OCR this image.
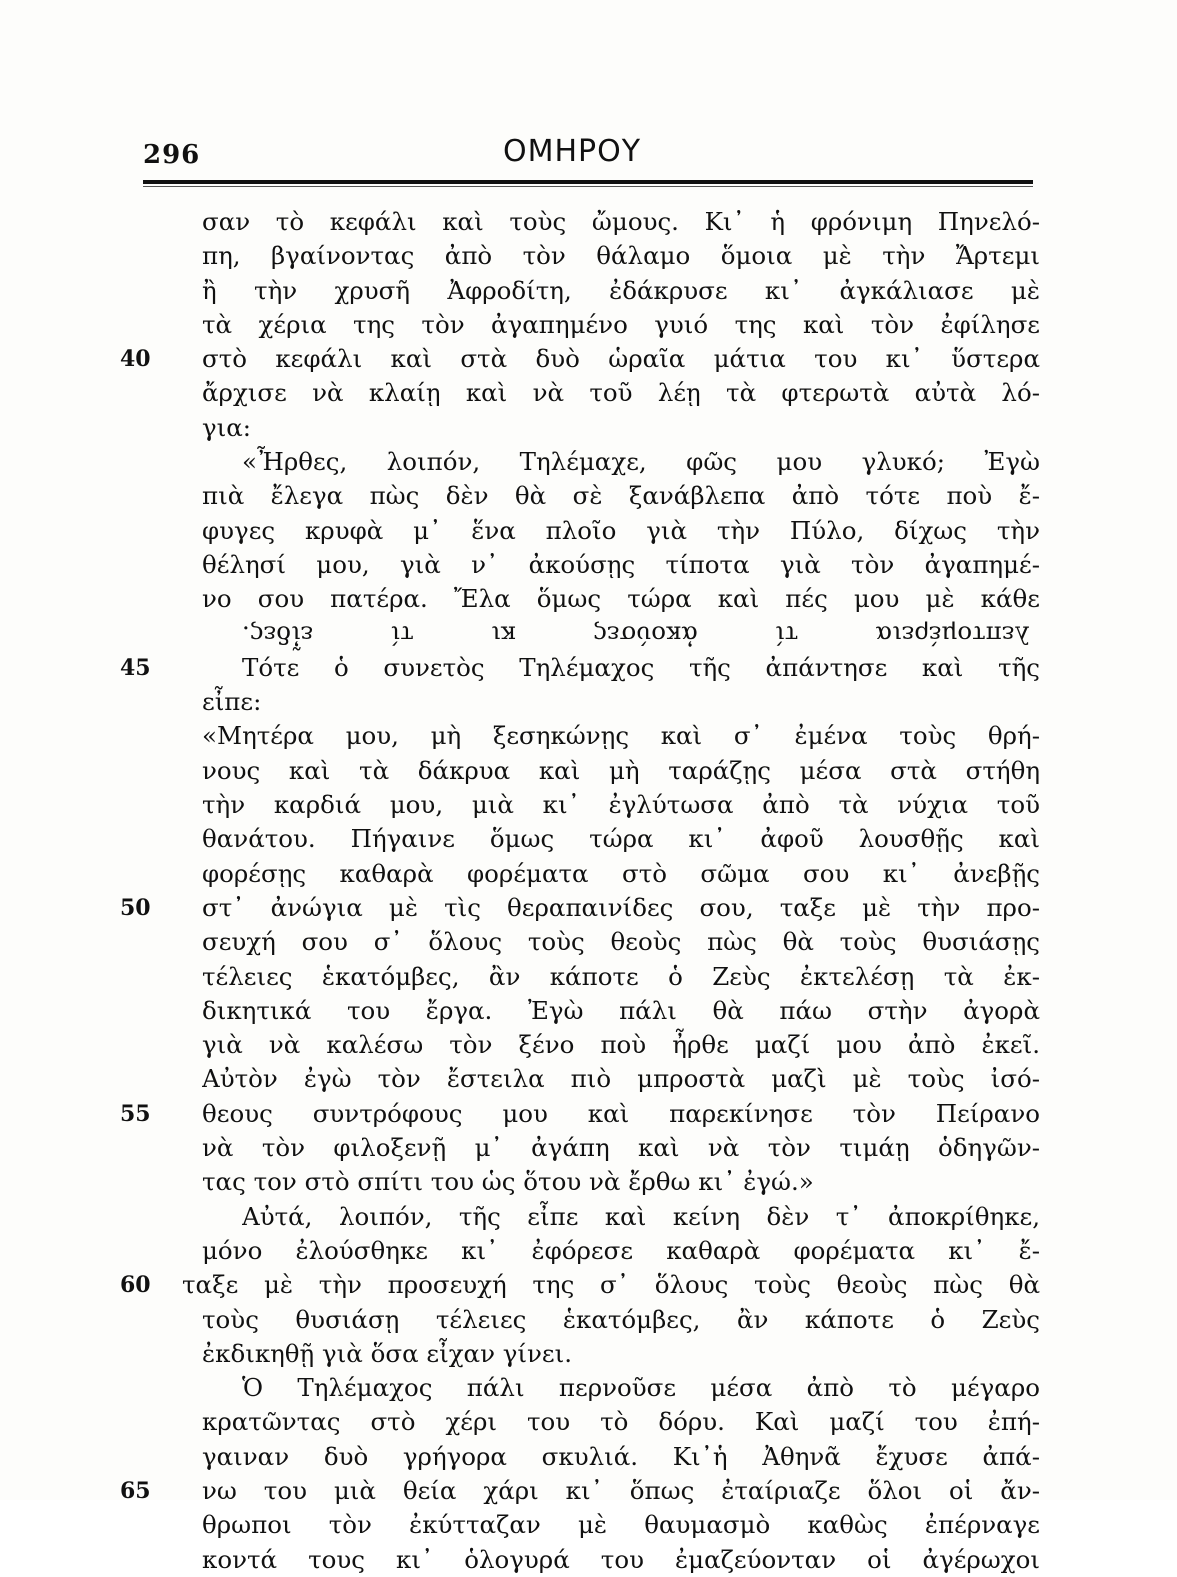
296	ΟΜΗΡΟΥ
σαν τὸ κεφάλι καὶ τοὺς ὤμους. Κι᾽ ἡ φρόνιμη Πηνελό-
πη, βγαίνοντας ἀπὸ τὸν θάλαμο ὅμοια μὲ τὴν Ἄρτεμι
ἢ τὴν χρυσῆ Ἀφροδίτη, ἐδάκρυσε κι᾽ ἀγκάλιασε μὲ
τὰ χέρια της τὸν ἀγαπημένο γυιό της καὶ τὸν ἐφίλησε
40	στὸ κεφάλι καὶ στὰ δυὸ ὡραῖα μάτια του κι᾽ ὕστερα
ἄρχισε νὰ κλαίῃ καὶ νὰ τοῦ λέῃ τὰ φτερωτὰ αὐτὰ λό-
για:
«Ἦρθες, λοιπόν, Τηλέμαχε, φῶς μου γλυκό; Ἐγὼ
πιὰ ἔλεγα πὼς δὲν θὰ σὲ ξανάβλεπα ἀπὸ τότε ποὺ ἔ-
φυγες κρυφὰ μ᾽ ἕνα πλοῖο γιὰ τὴν Πύλο, δίχως τὴν
θέλησί μου, γιὰ ν᾽ ἀκούσῃς τίποτα γιὰ τὸν ἀγαπημέ-
νο σου πατέρα. Ἔλα ὅμως τώρα καὶ πές μου μὲ κάθε
λεπτομέρεια τί ἀκούσες κι τί εἶδες.
45	Τότε ὁ συνετὸς Τηλέμαχος τῆς ἀπάντησε καὶ τῆς
εἶπε:
«Μητέρα μου, μὴ ξεσηκώνῃς καὶ σ᾽ ἐμένα τοὺς θρή-
νους καὶ τὰ δάκρυα καὶ μὴ ταράζῃς μέσα στὰ στήθη
τὴν καρδιά μου, μιὰ κι᾽ ἐγλύτωσα ἀπὸ τὰ νύχια τοῦ
θανάτου. Πήγαινε ὅμως τώρα κι᾽ ἀφοῦ λουσθῇς καὶ
φορέσῃς καθαρὰ φορέματα στὸ σῶμα σου κι᾽ ἀνεβῇς
50	στ᾽ ἀνώγια μὲ τὶς θεραπαινίδες σου, ταξε μὲ τὴν προ-
σευχή σου σ᾽ ὅλους τοὺς θεοὺς πὼς θὰ τοὺς θυσιάσῃς
τέλειες ἑκατόμβες, ἂν κάποτε ὁ Ζεὺς ἐκτελέσῃ τὰ ἐκ-
δικητικά του ἔργα. Ἐγὼ πάλι θὰ πάω στὴν ἀγορὰ
γιὰ νὰ καλέσω τὸν ξένο ποὺ ἦρθε μαζί μου ἀπὸ ἐκεῖ.
Αὐτὸν ἐγὼ τὸν ἔστειλα πιὸ μπροστὰ μαζὶ μὲ τοὺς ἰσό-
55	θεους συντρόφους μου καὶ παρεκίνησε τὸν Πείρανο
νὰ τὸν φιλοξενῇ μ᾽ ἀγάπη καὶ νὰ τὸν τιμάῃ ὁδηγῶν-
τας τον στὸ σπίτι του ὡς ὅτου νὰ ἔρθω κι᾽ ἐγώ.»
Αὐτά, λοιπόν, τῆς εἶπε καὶ κείνη δὲν τ᾽ ἀποκρίθηκε,
μόνο ἐλούσθηκε κι᾽ ἐφόρεσε καθαρὰ φορέματα κι᾽ ἔ-
60	ταξε μὲ τὴν προσευχή της σ᾽ ὅλους τοὺς θεοὺς πὼς θὰ
τοὺς θυσιάσῃ τέλειες ἑκατόμβες, ἂν κάποτε ὁ Ζεὺς
ἐκδικηθῇ γιὰ ὅσα εἶχαν γίνει.
Ὁ Τηλέμαχος πάλι περνοῦσε μέσα ἀπὸ τὸ μέγαρο
κρατῶντας στὸ χέρι του τὸ δόρυ. Καὶ μαζί του ἐπή-
γαιναν δυὸ γρήγορα σκυλιά. Κι᾽ἡ Ἀθηνᾶ ἔχυσε ἀπά-
65	νω του μιὰ θεία χάρι κι᾽ ὅπως ἐταίριαζε ὅλοι οἱ ἄν-
θρωποι τὸν ἐκύτταζαν μὲ θαυμασμὸ καθὼς ἐπέρναγε
κοντά τους κι᾽ ὁλογυρά του ἐμαζεύονταν οἱ ἀγέρωχοι
